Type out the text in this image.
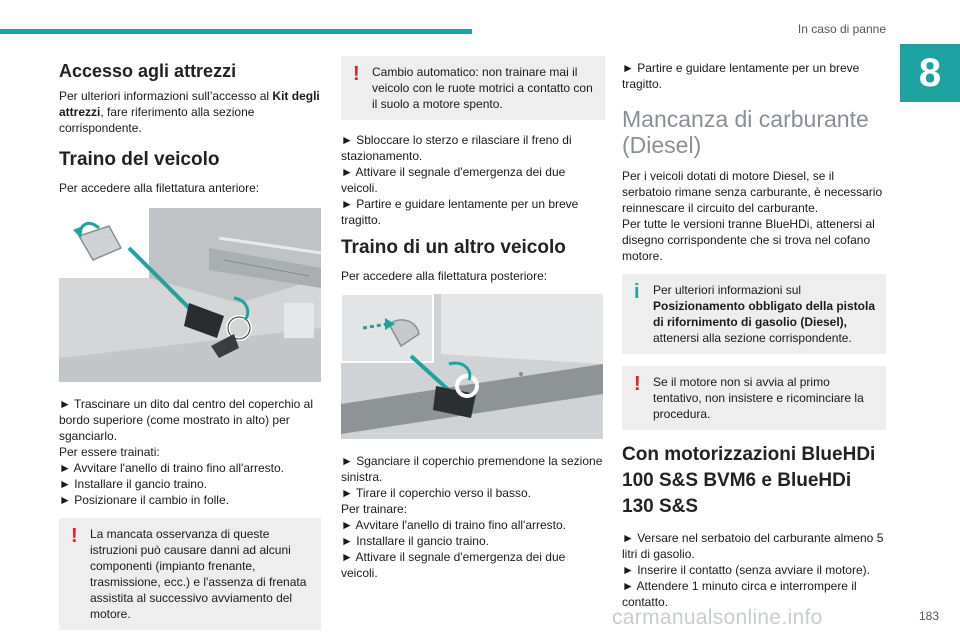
In caso di panne
8
Accesso agli attrezzi

Per ulteriori informazioni sull’accesso al Kit degli attrezzi, fare riferimento alla sezione corrispondente.

Traino del veicolo

Per accedere alla filettatura anteriore:

► Trascinare un dito dal centro del coperchio al bordo superiore (come mostrato in alto) per sganciarlo.

Per essere trainati:

► Avvitare l'anello di traino fino all'arresto.

► Installare il gancio traino.

► Posizionare il cambio in folle.

!	La mancata osservanza di queste istruzioni può causare danni ad alcuni componenti (impianto frenante, trasmissione, ecc.) e l'assenza di frenata assistita al successivo avviamento del motore.
!	Cambio automatico: non trainare mai il veicolo con le ruote motrici a contatto con il suolo a motore spento.

► Sbloccare lo sterzo e rilasciare il freno di stazionamento.

► Attivare il segnale d'emergenza dei due veicoli.

► Partire e guidare lentamente per un breve tragitto.

Traino di un altro veicolo

Per accedere alla filettatura posteriore:

► Sganciare il coperchio premendone la sezione sinistra.

► Tirare il coperchio verso il basso.

Per trainare:

► Avvitare l'anello di traino fino all'arresto.

► Installare il gancio traino.

► Attivare il segnale d'emergenza dei due veicoli.

► Partire e guidare lentamente per un breve tragitto.

Mancanza di carburante (Diesel)

Per i veicoli dotati di motore Diesel, se il serbatoio rimane senza carburante, è necessario reinnescare il circuito del carburante.

Per tutte le versioni tranne BlueHDi, attenersi al disegno corrispondente che si trova nel cofano motore.

i	Per ulteriori informazioni sul Posizionamento obbligato della pistola di rifornimento di gasolio (Diesel), attenersi alla sezione corrispondente.
!	Se il motore non si avvia al primo tentativo, non insistere e ricominciare la procedura.
Con motorizzazioni BlueHDi 100 S&S BVM6 e BlueHDi 130 S&S

► Versare nel serbatoio del carburante almeno 5 litri di gasolio.

► Inserire il contatto (senza avviare il motore).

► Attendere 1 minuto circa e interrompere il contatto.

carmanualsonline.info	183
